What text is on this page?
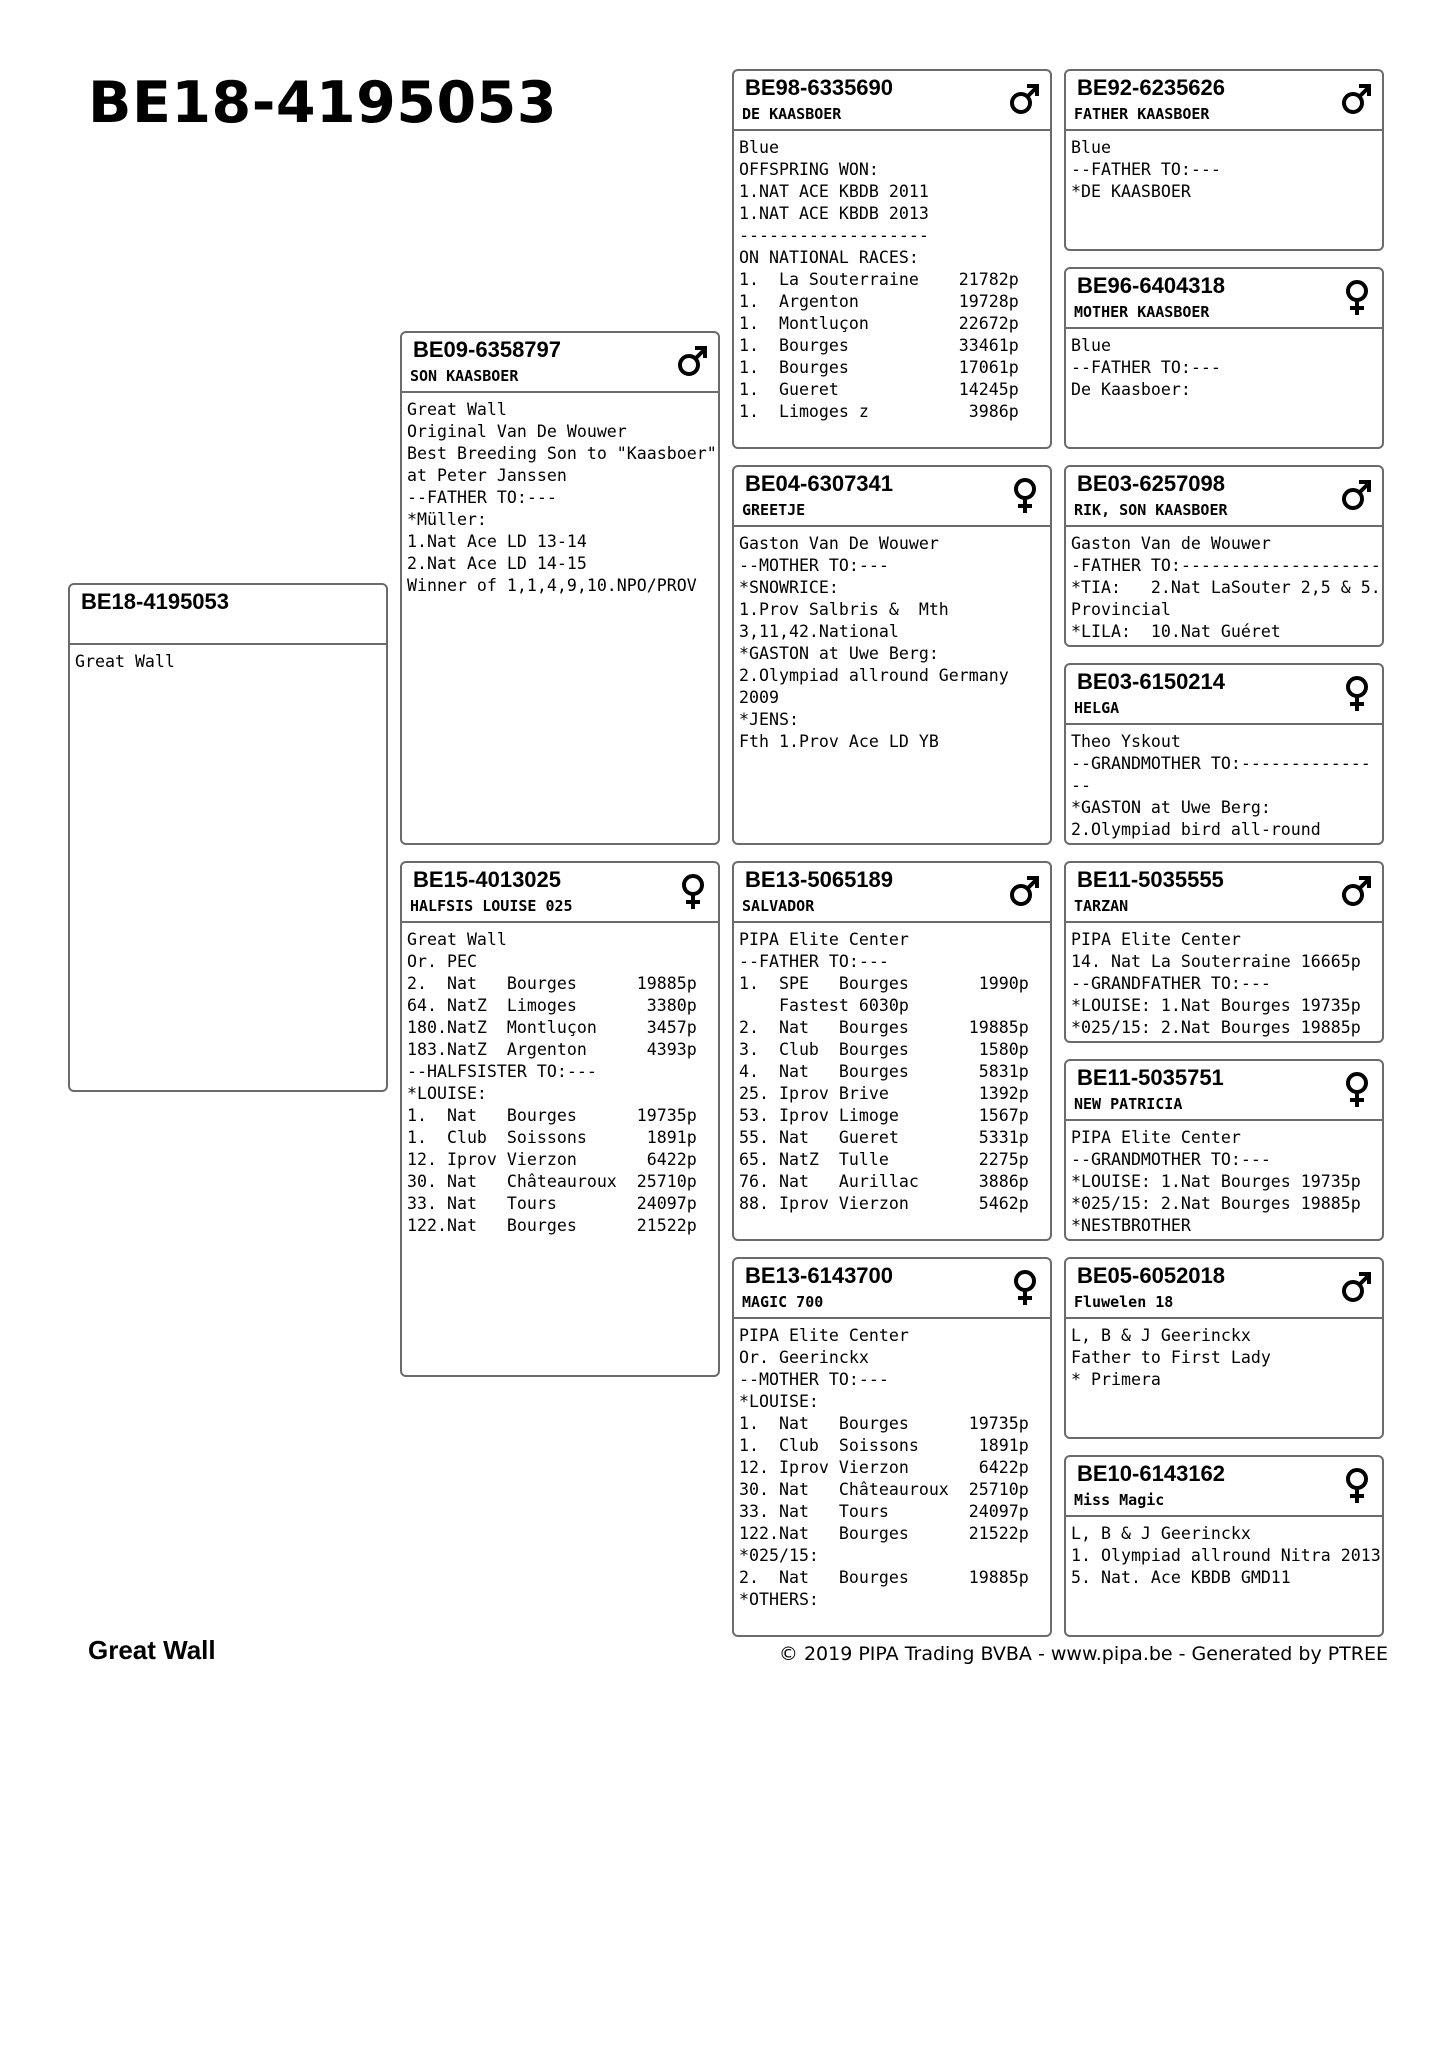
BE18-4195053
BE18-4195053
Great Wall
BE09-6358797
SON KAASBOER
Great Wall
Original Van De Wouwer
Best Breeding Son to "Kaasboer"
at Peter Janssen
--FATHER TO:---
*Müller:
1.Nat Ace LD 13-14
2.Nat Ace LD 14-15
Winner of 1,1,4,9,10.NPO/PROV
BE15-4013025
HALFSIS LOUISE 025
Great Wall
Or. PEC
2.  Nat   Bourges      19885p
64. NatZ  Limoges       3380p
180.NatZ  Montluçon     3457p
183.NatZ  Argenton      4393p
--HALFSISTER TO:---
*LOUISE:
1.  Nat   Bourges      19735p
1.  Club  Soissons      1891p
12. Iprov Vierzon       6422p
30. Nat   Châteauroux  25710p
33. Nat   Tours        24097p
122.Nat   Bourges      21522p
BE98-6335690
DE KAASBOER
Blue
OFFSPRING WON:
1.NAT ACE KBDB 2011
1.NAT ACE KBDB 2013
-------------------
ON NATIONAL RACES:
1.  La Souterraine    21782p
1.  Argenton          19728p
1.  Montluçon         22672p
1.  Bourges           33461p
1.  Bourges           17061p
1.  Gueret            14245p
1.  Limoges z          3986p
BE04-6307341
GREETJE
Gaston Van De Wouwer
--MOTHER TO:---
*SNOWRICE:
1.Prov Salbris &  Mth
3,11,42.National
*GASTON at Uwe Berg:
2.Olympiad allround Germany
2009
*JENS:
Fth 1.Prov Ace LD YB
BE13-5065189
SALVADOR
PIPA Elite Center
--FATHER TO:---
1.  SPE   Bourges       1990p
Fastest 6030p
2.  Nat   Bourges      19885p
3.  Club  Bourges       1580p
4.  Nat   Bourges       5831p
25. Iprov Brive         1392p
53. Iprov Limoge        1567p
55. Nat   Gueret        5331p
65. NatZ  Tulle         2275p
76. Nat   Aurillac      3886p
88. Iprov Vierzon       5462p
BE13-6143700
MAGIC 700
PIPA Elite Center
Or. Geerinckx
--MOTHER TO:---
*LOUISE:
1.  Nat   Bourges      19735p
1.  Club  Soissons      1891p
12. Iprov Vierzon       6422p
30. Nat   Châteauroux  25710p
33. Nat   Tours        24097p
122.Nat   Bourges      21522p
*025/15:
2.  Nat   Bourges      19885p
*OTHERS:
BE92-6235626
FATHER KAASBOER
Blue
--FATHER TO:---
*DE KAASBOER
BE96-6404318
MOTHER KAASBOER
Blue
--FATHER TO:---
De Kaasboer:
BE03-6257098
RIK, SON KAASBOER
Gaston Van de Wouwer
-FATHER TO:--------------------
*TIA:   2.Nat LaSouter 2,5 & 5.
Provincial
*LILA:  10.Nat Guéret
BE03-6150214
HELGA
Theo Yskout
--GRANDMOTHER TO:-------------
--
*GASTON at Uwe Berg:
2.Olympiad bird all-round
BE11-5035555
TARZAN
PIPA Elite Center
14. Nat La Souterraine 16665p
--GRANDFATHER TO:---
*LOUISE: 1.Nat Bourges 19735p
*025/15: 2.Nat Bourges 19885p
BE11-5035751
NEW PATRICIA
PIPA Elite Center
--GRANDMOTHER TO:---
*LOUISE: 1.Nat Bourges 19735p
*025/15: 2.Nat Bourges 19885p
*NESTBROTHER
BE05-6052018
Fluwelen 18
L, B & J Geerinckx
Father to First Lady
* Primera
BE10-6143162
Miss Magic
L, B & J Geerinckx
1. Olympiad allround Nitra 2013
5. Nat. Ace KBDB GMD11
Great Wall	© 2019 PIPA Trading BVBA - www.pipa.be - Generated by PTREE
